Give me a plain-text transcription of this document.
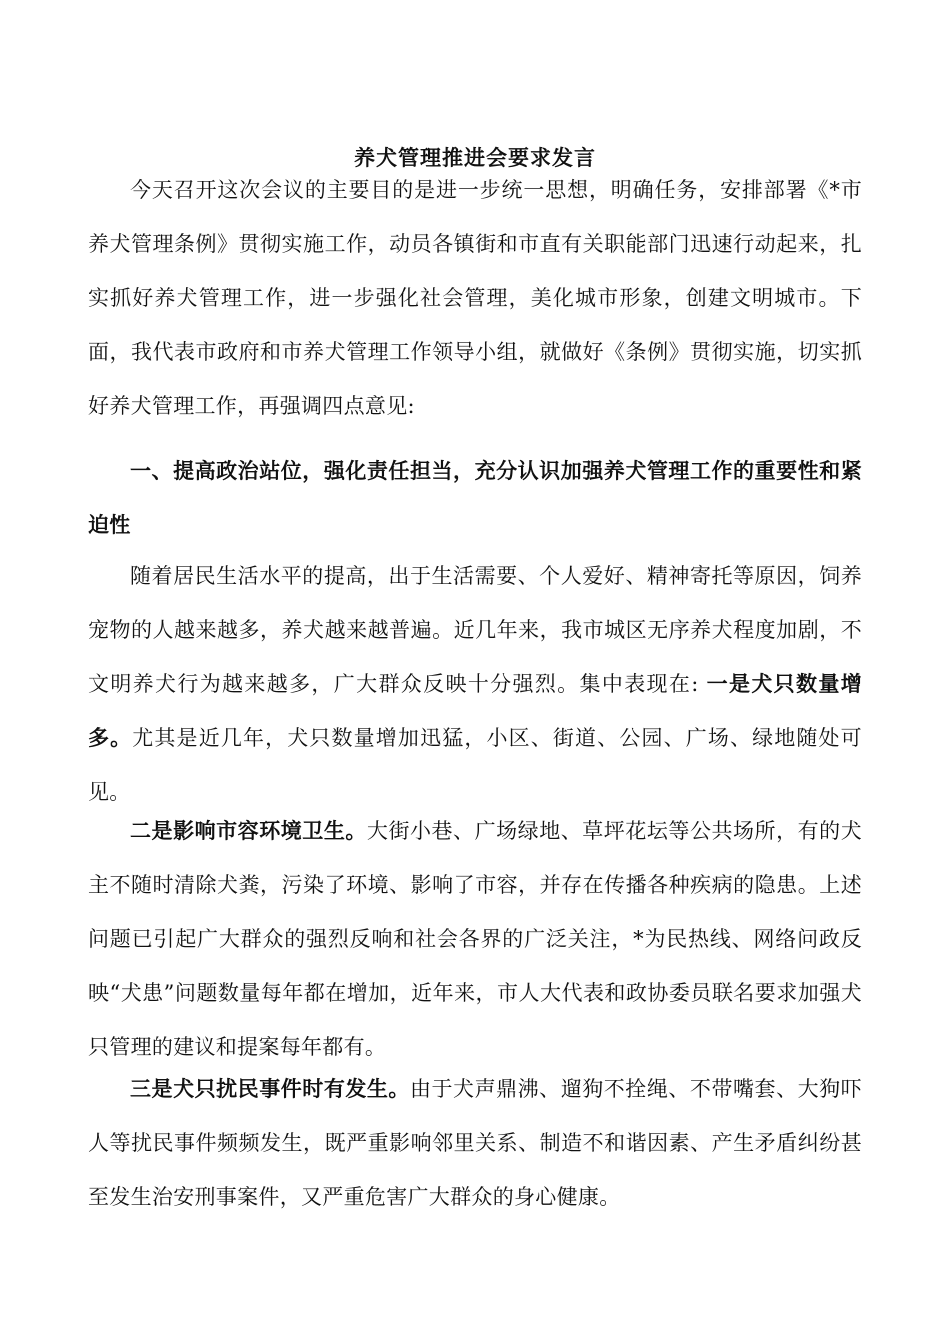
养犬管理推进会要求发言

今天召开这次会议的主要目的是进一步统一思想，明确任务，安排部署《*市养犬管理条例》贯彻实施工作，动员各镇街和市直有关职能部门迅速行动起来，扎实抓好养犬管理工作，进一步强化社会管理，美化城市形象，创建文明城市。下面，我代表市政府和市养犬管理工作领导小组，就做好《条例》贯彻实施，切实抓好养犬管理工作，再强调四点意见:

一、提高政治站位，强化责任担当，充分认识加强养犬管理工作的重要性和紧迫性

随着居民生活水平的提高，出于生活需要、个人爱好、精神寄托等原因，饲养宠物的人越来越多，养犬越来越普遍。近几年来，我市城区无序养犬程度加剧，不文明养犬行为越来越多，广大群众反映十分强烈。集中表现在: 一是犬只数量增多。尤其是近几年，犬只数量增加迅猛，小区、街道、公园、广场、绿地随处可见。

二是影响市容环境卫生。大街小巷、广场绿地、草坪花坛等公共场所，有的犬主不随时清除犬粪，污染了环境、影响了市容，并存在传播各种疾病的隐患。上述问题已引起广大群众的强烈反响和社会各界的广泛关注，*为民热线、网络问政反映“犬患”问题数量每年都在增加，近年来，市人大代表和政协委员联名要求加强犬只管理的建议和提案每年都有。

三是犬只扰民事件时有发生。由于犬声鼎沸、遛狗不拴绳、不带嘴套、大狗吓人等扰民事件频频发生，既严重影响邻里关系、制造不和谐因素、产生矛盾纠纷甚至发生治安刑事案件，又严重危害广大群众的身心健康。
